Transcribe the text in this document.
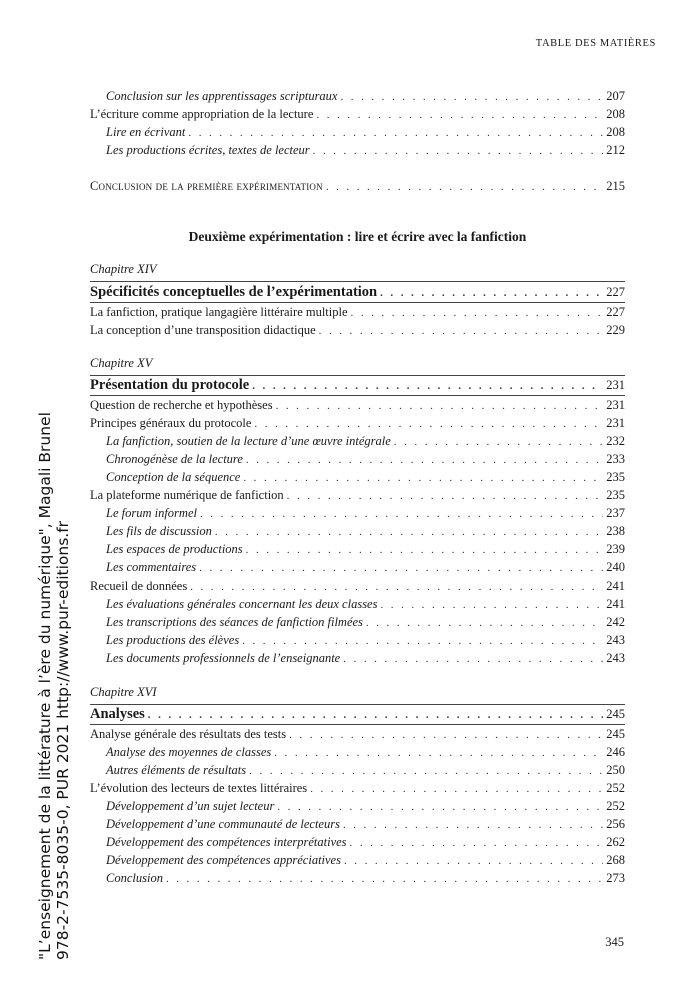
TABLE DES MATIÈRES
Conclusion sur les apprentissages scripturaux . . .	207
L’écriture comme appropriation de la lecture . . .	208
Lire en écrivant . . .	208
Les productions écrites, textes de lecteur . . .	212
Conclusion de la première expérimentation . . .	215
Deuxième expérimentation : lire et écrire avec la fanfiction
Chapitre XIV
Spécificités conceptuelles de l’expérimentation . . .	227
La fanfiction, pratique langagière littéraire multiple . . .	227
La conception d’une transposition didactique . . .	229
Chapitre XV
Présentation du protocole . . .	231
Question de recherche et hypothèses . . .	231
Principes généraux du protocole . . .	231
La fanfiction, soutien de la lecture d’une œuvre intégrale . . .	232
Chronogénèse de la lecture . . .	233
Conception de la séquence . . .	235
La plateforme numérique de fanfiction . . .	235
Le forum informel . . .	237
Les fils de discussion . . .	238
Les espaces de productions . . .	239
Les commentaires . . .	240
Recueil de données . . .	241
Les évaluations générales concernant les deux classes . . .	241
Les transcriptions des séances de fanfiction filmées . . .	242
Les productions des élèves . . .	243
Les documents professionnels de l’enseignante . . .	243
Chapitre XVI
Analyses . . .	245
Analyse générale des résultats des tests . . .	245
Analyse des moyennes de classes . . .	246
Autres éléments de résultats . . .	250
L’évolution des lecteurs de textes littéraires . . .	252
Développement d’un sujet lecteur . . .	252
Développement d’une communauté de lecteurs . . .	256
Développement des compétences interprétatives . . .	262
Développement des compétences appréciatives . . .	268
Conclusion . . .	273
345
"L’enseignement de la littérature à l’ère du numérique", Magali Brunel 978-2-7535-8035-0, PUR 2021 http://www.pur-editions.fr
